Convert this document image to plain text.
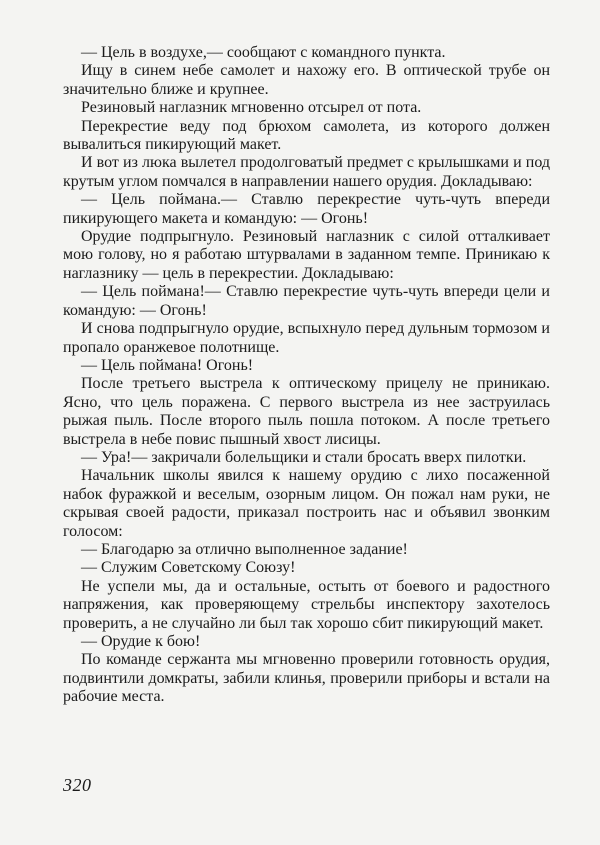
— Цель в воздухе,— сообщают с командного пункта.

Ищу в синем небе самолет и нахожу его. В оптической трубе он значительно ближе и крупнее.

Резиновый наглазник мгновенно отсырел от пота.

Перекрестие веду под брюхом самолета, из которого должен вывалиться пикирующий макет.

И вот из люка вылетел продолговатый предмет с крылышками и под крутым углом помчался в направлении нашего орудия. Докладываю:

— Цель поймана.— Ставлю перекрестие чуть-чуть впереди пикирующего макета и командую: — Огонь!

Орудие подпрыгнуло. Резиновый наглазник с силой отталкивает мою голову, но я работаю штурвалами в заданном темпе. Приникаю к наглазнику — цель в перекрестии. Докладываю:

— Цель поймана!— Ставлю перекрестие чуть-чуть впереди цели и командую: — Огонь!

И снова подпрыгнуло орудие, вспыхнуло перед дульным тормозом и пропало оранжевое полотнище.

— Цель поймана! Огонь!

После третьего выстрела к оптическому прицелу не приникаю. Ясно, что цель поражена. С первого выстрела из нее заструилась рыжая пыль. После второго пыль пошла потоком. А после третьего выстрела в небе повис пышный хвост лисицы.

— Ура!— закричали болельщики и стали бросать вверх пилотки.

Начальник школы явился к нашему орудию с лихо посаженной набок фуражкой и веселым, озорным лицом. Он пожал нам руки, не скрывая своей радости, приказал построить нас и объявил звонким голосом:

— Благодарю за отлично выполненное задание!

— Служим Советскому Союзу!

Не успели мы, да и остальные, остыть от боевого и радостного напряжения, как проверяющему стрельбы инспектору захотелось проверить, а не случайно ли был так хорошо сбит пикирующий макет.

— Орудие к бою!

По команде сержанта мы мгновенно проверили готовность орудия, подвинтили домкраты, забили клинья, проверили приборы и встали на рабочие места.

320
